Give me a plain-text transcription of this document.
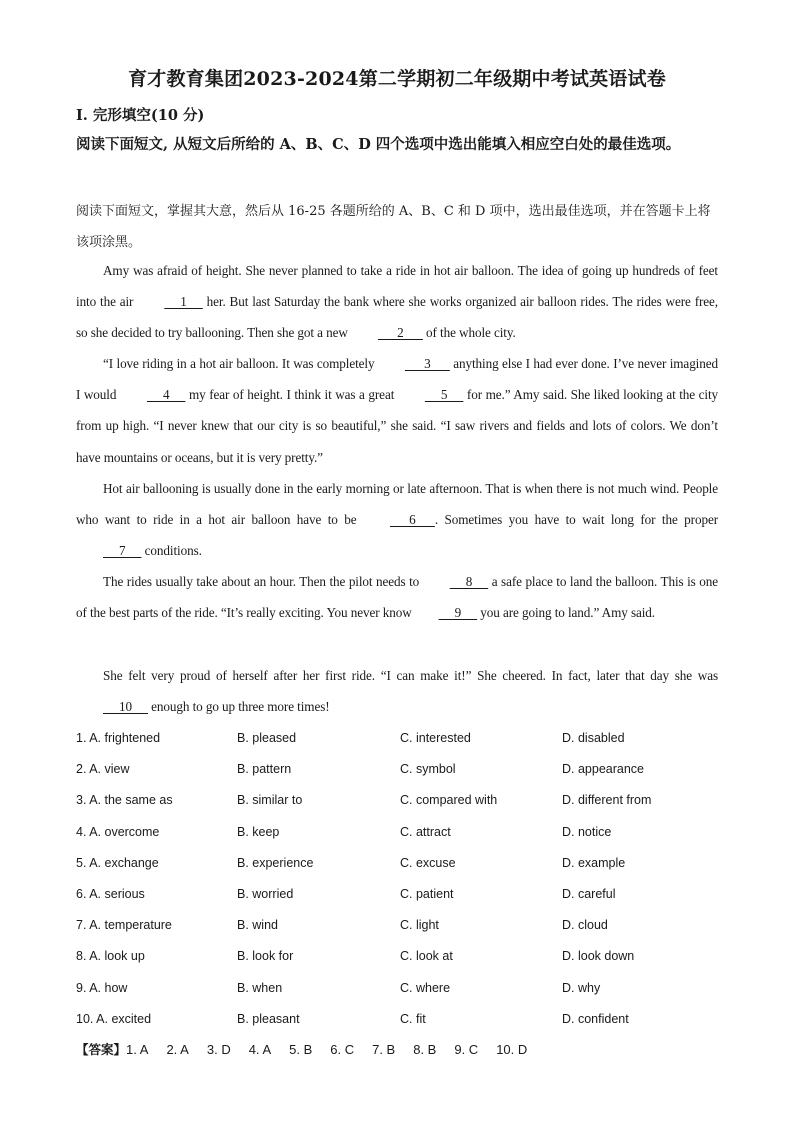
育才教育集团2023-2024第二学期初二年级期中考试英语试卷
I. 完形填空(10 分)
阅读下面短文, 从短文后所给的 A、B、C、D 四个选项中选出能填入相应空白处的最佳选项。
阅读下面短文，掌握其大意，然后从 16-25 各题所给的 A、B、C 和 D 项中，选出最佳选项，并在答题卡上将该项涂黑。
Amy was afraid of height. She never planned to take a ride in hot air balloon. The idea of going up hundreds of feet into the air      1      her. But last Saturday the bank where she works organized air balloon rides. The rides were free, so she decided to try ballooning. Then she got a new       2       of the whole city.
“I love riding in a hot air balloon. It was completely       3       anything else I had ever done. I’ve never imagined I would      4      my fear of height. I think it was a great      5      for me.” Amy said. She liked looking at the city from up high. “I never knew that our city is so beautiful,” she said. “I saw rivers and fields and lots of colors. We don’t have mountains or oceans, but it is very pretty.”
Hot air ballooning is usually done in the early morning or late afternoon. That is when there is not much wind. People who want to ride in a hot air balloon have to be       6      . Sometimes you have to wait long for the proper      7      conditions.
The rides usually take about an hour. Then the pilot needs to      8      a safe place to land the balloon. This is one of the best parts of the ride. “It’s really exciting. You never know     9      you are going to land.” Amy said.
She felt very proud of herself after her first ride. “I can make it!” She cheered. In fact, later that day she was      10      enough to go up three more times!
1. A. frightened	B. pleased	C. interested	D. disabled
2. A. view	B. pattern	C. symbol	D. appearance
3. A. the same as	B. similar to	C. compared with	D. different from
4. A. overcome	B. keep	C. attract	D. notice
5. A. exchange	B. experience	C. excuse	D. example
6. A. serious	B. worried	C. patient	D. careful
7. A. temperature	B. wind	C. light	D. cloud
8. A. look up	B. look for	C. look at	D. look down
9. A. how	B. when	C. where	D. why
10. A. excited	B. pleasant	C. fit	D. confident
【答案】1. A 2. A 3. D 4. A 5. B 6. C 7. B 8. B 9. C 10. D
